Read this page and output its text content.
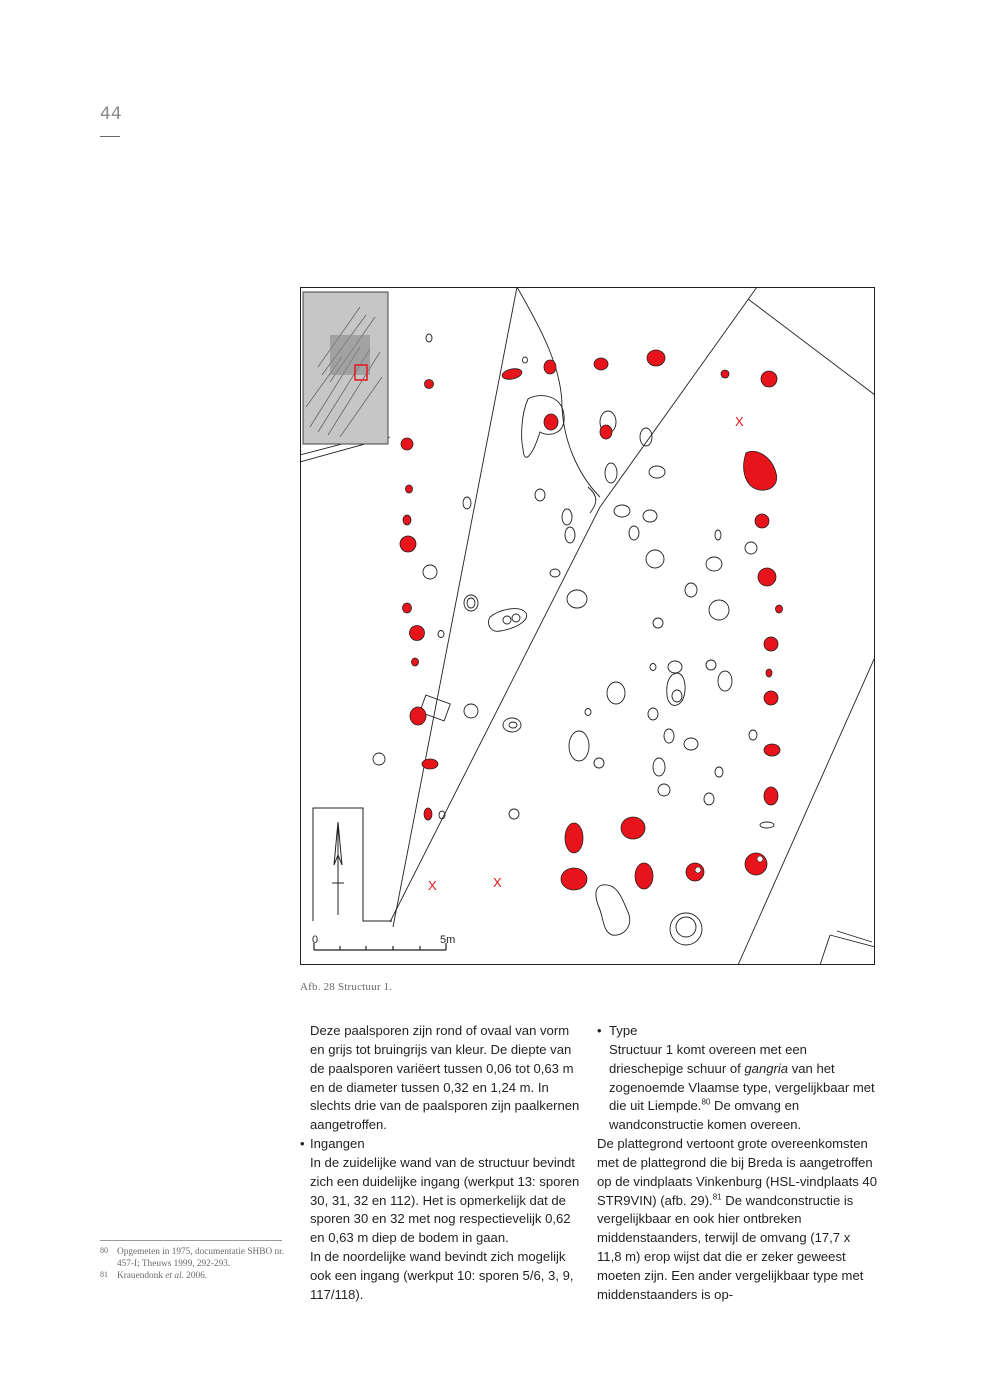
44
0	5m
X
X	X
Afb. 28 Structuur 1.

Deze paalsporen zijn rond of ovaal van vorm en grijs tot bruingrijs van kleur. De diepte van de paalsporen variëert tussen 0,06 tot 0,63 m en de diameter tussen 0,32 en 1,24 m. In slechts drie van de paalsporen zijn paalkernen aangetroffen.

• Ingangen

In de zuidelijke wand van de structuur bevindt zich een duidelijke ingang (werkput 13: sporen 30, 31, 32 en 112). Het is opmerkelijk dat de sporen 30 en 32 met nog respectievelijk 0,62 en 0,63 m diep de bodem in gaan.

In de noordelijke wand bevindt zich mogelijk ook een ingang (werkput 10: sporen 5/6, 3, 9, 117/118).

• Type

Structuur 1 komt overeen met een drieschepige schuur of gangria van het zogenoemde Vlaamse type, vergelijkbaar met die uit Liempde.$^{80}$ De omvang en wandconstructie komen overeen.

De plattegrond vertoont grote overeenkomsten met de plattegrond die bij Breda is aangetroffen op de vindplaats Vinkenburg (HSL-vindplaats 40 STR9VIN) (afb. 29).$^{81}$ De wandconstructie is vergelijkbaar en ook hier ontbreken middenstaanders, terwijl de omvang (17,7 x 11,8 m) erop wijst dat die er zeker geweest moeten zijn. Een ander vergelijkbaar type met middenstaanders is op-

80 Opgemeten in 1975, documentatie SHBO nr. 457-I; Theuws 1999, 292-293.

81 Krauendonk et al. 2006.
